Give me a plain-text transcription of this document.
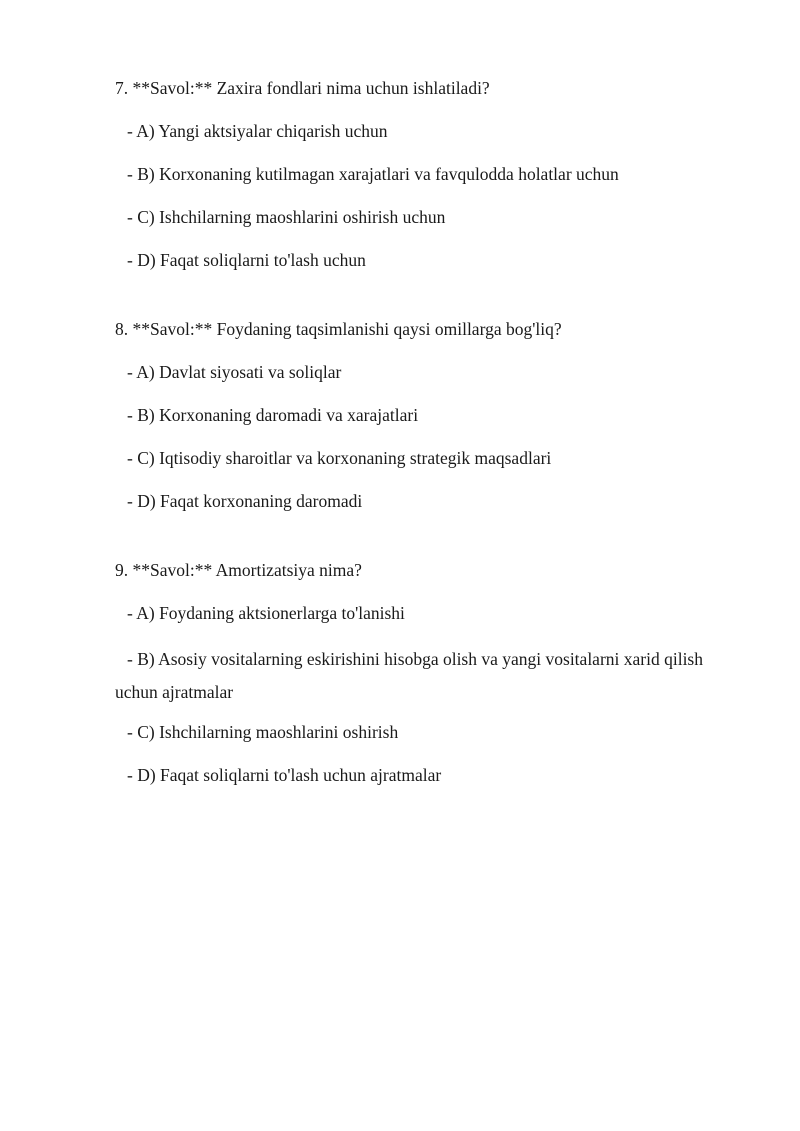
7. **Savol:** Zaxira fondlari nima uchun ishlatiladi?

- A) Yangi aktsiyalar chiqarish uchun

- B) Korxonaning kutilmagan xarajatlari va favqulodda holatlar uchun

- C) Ishchilarning maoshlarini oshirish uchun

- D) Faqat soliqlarni to'lash uchun

8. **Savol:** Foydaning taqsimlanishi qaysi omillarga bog'liq?

- A) Davlat siyosati va soliqlar

- B) Korxonaning daromadi va xarajatlari

- C) Iqtisodiy sharoitlar va korxonaning strategik maqsadlari

- D) Faqat korxonaning daromadi

9. **Savol:** Amortizatsiya nima?

- A) Foydaning aktsionerlarga to'lanishi

- B) Asosiy vositalarning eskirishini hisobga olish va yangi vositalarni xarid qilish uchun ajratmalar

- C) Ishchilarning maoshlarini oshirish

- D) Faqat soliqlarni to'lash uchun ajratmalar
